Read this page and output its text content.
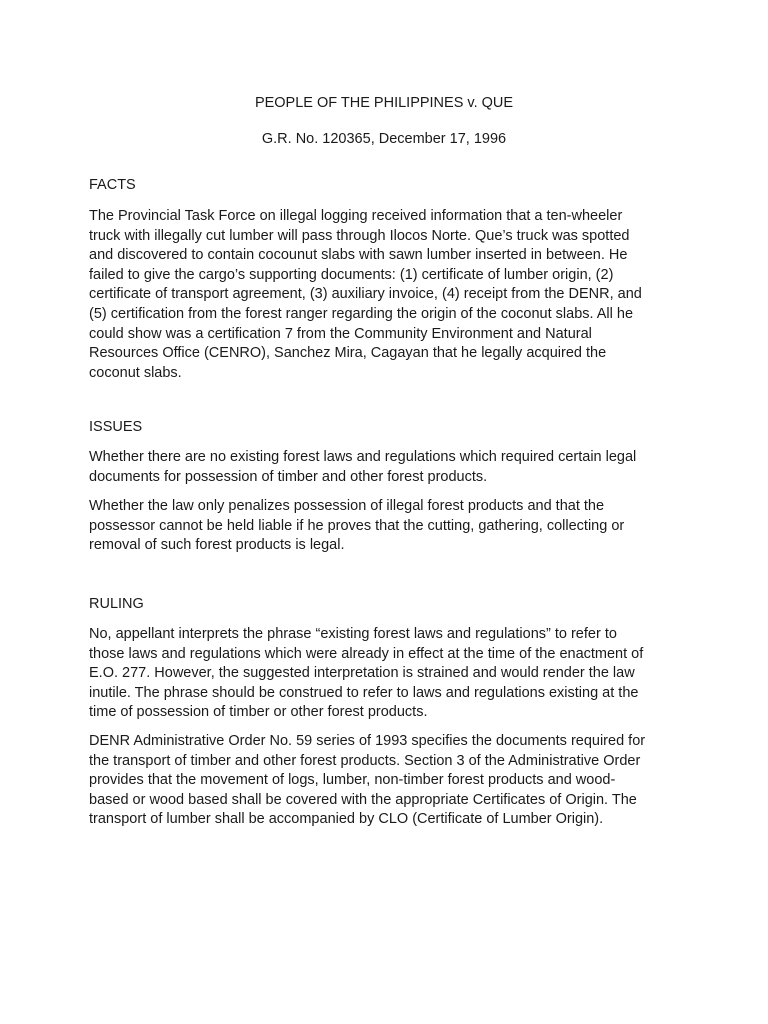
PEOPLE OF THE PHILIPPINES v. QUE

G.R. No. 120365, December 17, 1996

FACTS

The Provincial Task Force on illegal logging received information that a ten-wheeler
truck with illegally cut lumber will pass through Ilocos Norte. Que’s truck was spotted
and discovered to contain cocounut slabs with sawn lumber inserted in between. He
failed to give the cargo’s supporting documents: (1) certificate of lumber origin, (2)
certificate of transport agreement, (3) auxiliary invoice, (4) receipt from the DENR, and
(5) certification from the forest ranger regarding the origin of the coconut slabs. All he
could show was a certification 7 from the Community Environment and Natural
Resources Office (CENRO), Sanchez Mira, Cagayan that he legally acquired the
coconut slabs.

ISSUES

Whether there are no existing forest laws and regulations which required certain legal
documents for possession of timber and other forest products.

Whether the law only penalizes possession of illegal forest products and that the
possessor cannot be held liable if he proves that the cutting, gathering, collecting or
removal of such forest products is legal.

RULING

No, appellant interprets the phrase “existing forest laws and regulations” to refer to
those laws and regulations which were already in effect at the time of the enactment of
E.O. 277. However, the suggested interpretation is strained and would render the law
inutile. The phrase should be construed to refer to laws and regulations existing at the
time of possession of timber or other forest products.

DENR Administrative Order No. 59 series of 1993 specifies the documents required for
the transport of timber and other forest products. Section 3 of the Administrative Order
provides that the movement of logs, lumber, non-timber forest products and wood-
based or wood based shall be covered with the appropriate Certificates of Origin. The
transport of lumber shall be accompanied by CLO (Certificate of Lumber Origin).
